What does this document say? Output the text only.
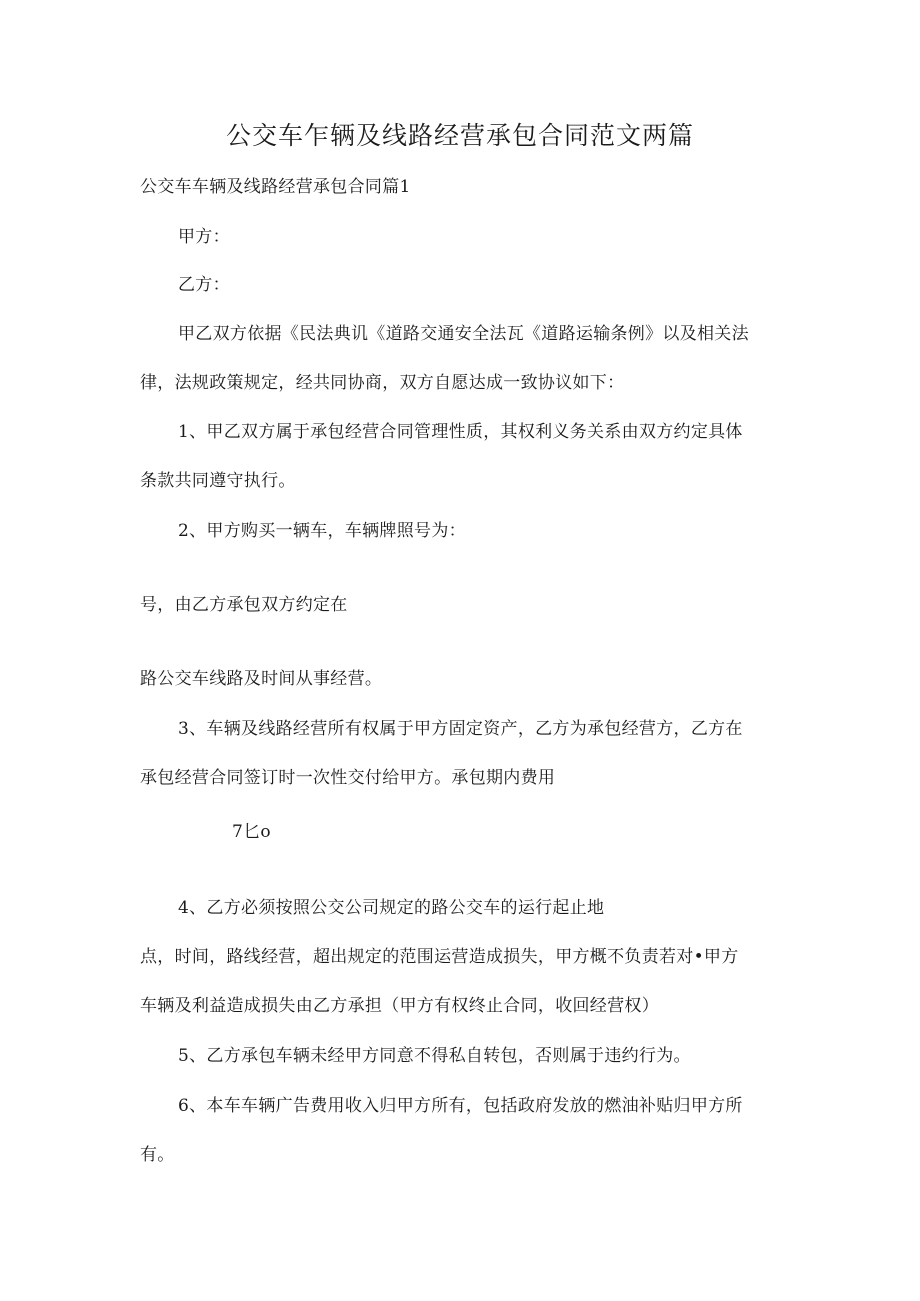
公交车乍辆及线路经营承包合同范文两篇
公交车车辆及线路经营承包合同篇1
甲方：
乙方：
甲乙双方依据《民法典讥《道路交通安全法瓦《道路运输条例》以及相关法
律，法规政策规定，经共同协商，双方自愿达成一致协议如下：
1、甲乙双方属于承包经营合同管理性质，其权利义务关系由双方约定具体
条款共同遵守执行。
2、甲方购买一辆车，车辆牌照号为：
号，由乙方承包双方约定在
路公交车线路及时间从事经营。
3、车辆及线路经营所有权属于甲方固定资产，乙方为承包经营方，乙方在
承包经营合同签订时一次性交付给甲方。承包期内费用
7匕o
4、乙方必须按照公交公司规定的路公交车的运行起止地
点，时间，路线经营，超出规定的范围运营造成损失，甲方概不负责若对•甲方
车辆及利益造成损失由乙方承担（甲方有权终止合同，收回经营权）
5、乙方承包车辆未经甲方同意不得私自转包，否则属于违约行为。
6、本车车辆广告费用收入归甲方所有，包括政府发放的燃油补贴归甲方所
有。
